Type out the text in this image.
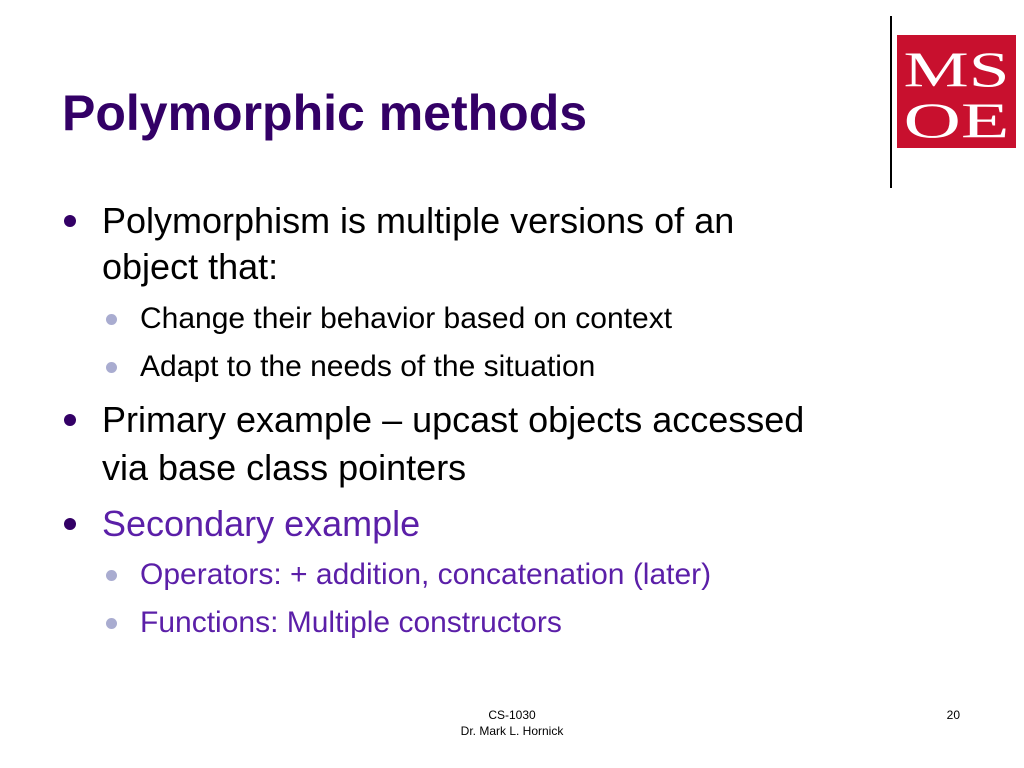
Polymorphic methods
MS
OE
Polymorphism is multiple versions of an
object that:
Change their behavior based on context
Adapt to the needs of the situation
Primary example – upcast objects accessed
via base class pointers
Secondary example
Operators: + addition, concatenation (later)
Functions: Multiple constructors
CS-1030
Dr. Mark L. Hornick
20
